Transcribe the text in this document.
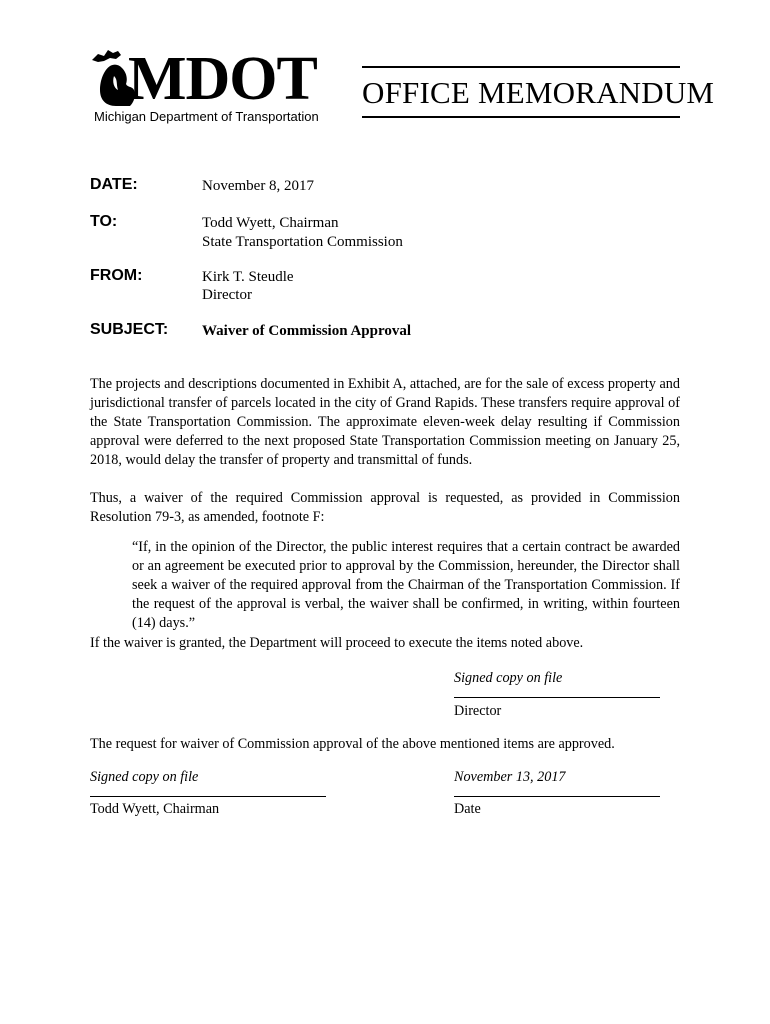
MDOT
Michigan Department of Transportation
OFFICE MEMORANDUM
DATE:	November 8, 2017
TO:	Todd Wyett, Chairman
State Transportation Commission
FROM:	Kirk T. Steudle
Director
SUBJECT: Waiver of Commission Approval
The projects and descriptions documented in Exhibit A, attached, are for the sale of excess property and jurisdictional transfer of parcels located in the city of Grand Rapids. These transfers require approval of the State Transportation Commission. The approximate eleven-week delay resulting if Commission approval were deferred to the next proposed State Transportation Commission meeting on January 25, 2018, would delay the transfer of property and transmittal of funds.
Thus, a waiver of the required Commission approval is requested, as provided in Commission Resolution 79-3, as amended, footnote F:
“If, in the opinion of the Director, the public interest requires that a certain contract be awarded or an agreement be executed prior to approval by the Commission, hereunder, the Director shall seek a waiver of the required approval from the Chairman of the Transportation Commission. If the request of the approval is verbal, the waiver shall be confirmed, in writing, within fourteen (14) days.”
If the waiver is granted, the Department will proceed to execute the items noted above.
Signed copy on file
Director
The request for waiver of Commission approval of the above mentioned items are approved.
Signed copy on file	November 13, 2017
Todd Wyett, Chairman	Date
